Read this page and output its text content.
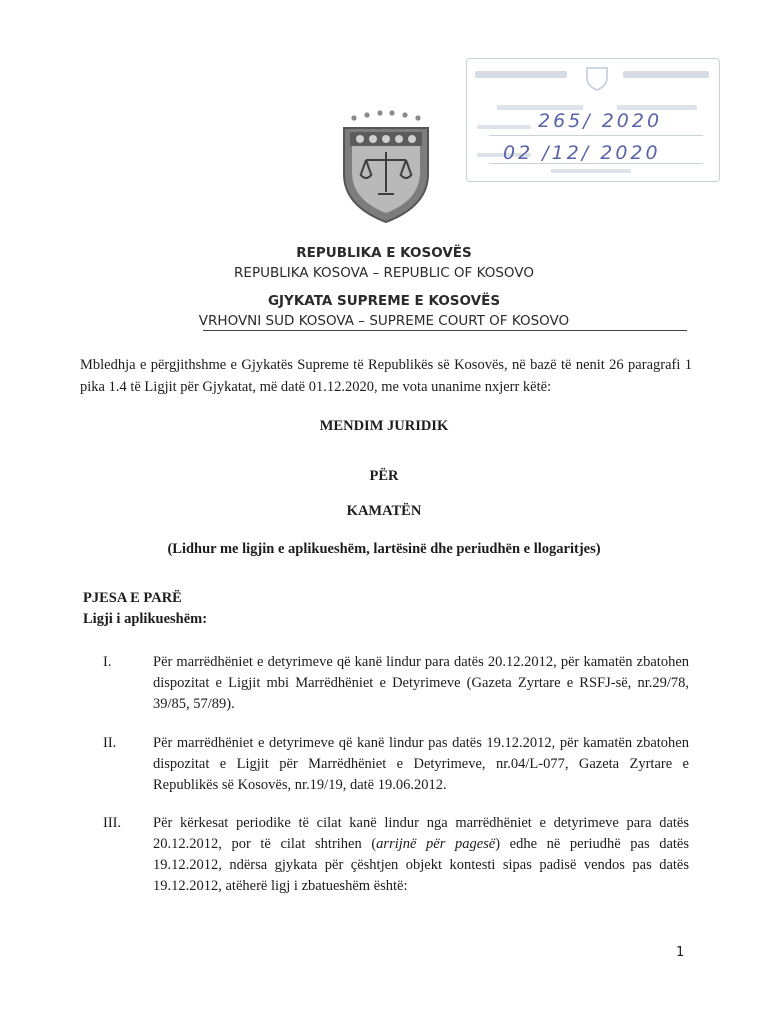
265/ 2020
02 /12/ 2020
REPUBLIKA E KOSOVËS
REPUBLIKA KOSOVA – REPUBLIC OF KOSOVO
GJYKATA SUPREME E KOSOVËS
VRHOVNI SUD KOSOVA – SUPREME COURT OF KOSOVO

Mbledhja e përgjithshme e Gjykatës Supreme të Republikës së Kosovës, në bazë të nenit 26 paragrafi 1 pika 1.4 të Ligjit për Gjykatat, më datë 01.12.2020, me vota unanime nxjerr këtë:

MENDIM JURIDIK
PËR
KAMATËN
(Lidhur me ligjin e aplikueshëm, lartësinë dhe periudhën e llogaritjes)
PJESA E PARË
Ligji i aplikueshëm:
I.	Për marrëdhëniet e detyrimeve që kanë lindur para datës 20.12.2012, për kamatën zbatohen dispozitat e Ligjit mbi Marrëdhëniet e Detyrimeve (Gazeta Zyrtare e RSFJ-së, nr.29/78, 39/85, 57/89).

II.	Për marrëdhëniet e detyrimeve që kanë lindur pas datës 19.12.2012, për kamatën zbatohen dispozitat e Ligjit për Marrëdhëniet e Detyrimeve, nr.04/L-077, Gazeta Zyrtare e Republikës së Kosovës, nr.19/19, datë 19.06.2012.

III.	Për kërkesat periodike të cilat kanë lindur nga marrëdhëniet e detyrimeve para datës 20.12.2012, por të cilat shtrihen (arrijnë për pagesë) edhe në periudhë pas datës 19.12.2012, ndërsa gjykata për çështjen objekt kontesti sipas padisë vendos pas datës 19.12.2012, atëherë ligj i zbatueshëm është:

1
